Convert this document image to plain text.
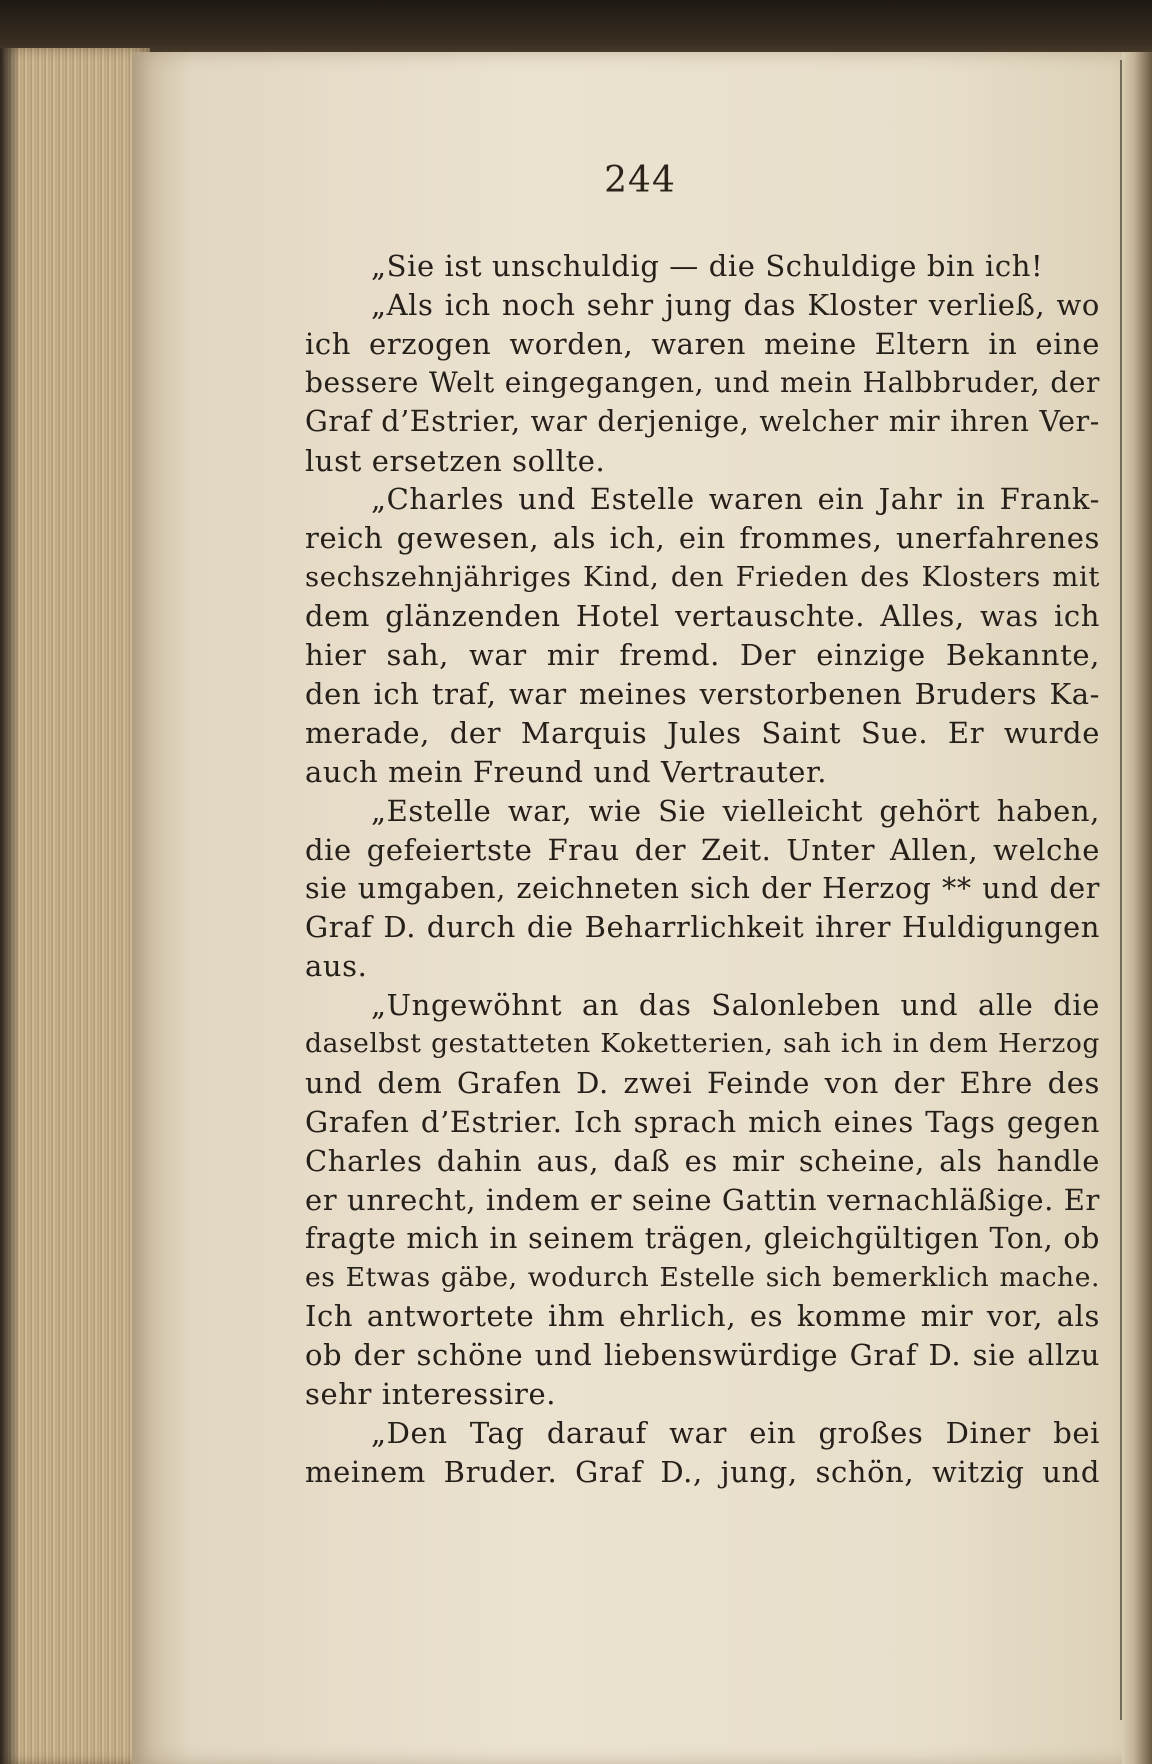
244
„Sie ist unschuldig — die Schuldige bin ich!
„Als ich noch sehr jung das Kloster verließ, wo
ich erzogen worden, waren meine Eltern in eine
bessere Welt eingegangen, und mein Halbbruder, der
Graf d’Estrier, war derjenige, welcher mir ihren Ver-
lust ersetzen sollte.
„Charles und Estelle waren ein Jahr in Frank-
reich gewesen, als ich, ein frommes, unerfahrenes
sechszehnjähriges Kind, den Frieden des Klosters mit
dem glänzenden Hotel vertauschte. Alles, was ich
hier sah, war mir fremd. Der einzige Bekannte,
den ich traf, war meines verstorbenen Bruders Ka-
merade, der Marquis Jules Saint Sue. Er wurde
auch mein Freund und Vertrauter.
„Estelle war, wie Sie vielleicht gehört haben,
die gefeiertste Frau der Zeit. Unter Allen, welche
sie umgaben, zeichneten sich der Herzog ** und der
Graf D. durch die Beharrlichkeit ihrer Huldigungen
aus.
„Ungewöhnt an das Salonleben und alle die
daselbst gestatteten Koketterien, sah ich in dem Herzog
und dem Grafen D. zwei Feinde von der Ehre des
Grafen d’Estrier. Ich sprach mich eines Tags gegen
Charles dahin aus, daß es mir scheine, als handle
er unrecht, indem er seine Gattin vernachläßige. Er
fragte mich in seinem trägen, gleichgültigen Ton, ob
es Etwas gäbe, wodurch Estelle sich bemerklich mache.
Ich antwortete ihm ehrlich, es komme mir vor, als
ob der schöne und liebenswürdige Graf D. sie allzu
sehr interessire.
„Den Tag darauf war ein großes Diner bei
meinem Bruder. Graf D., jung, schön, witzig und
